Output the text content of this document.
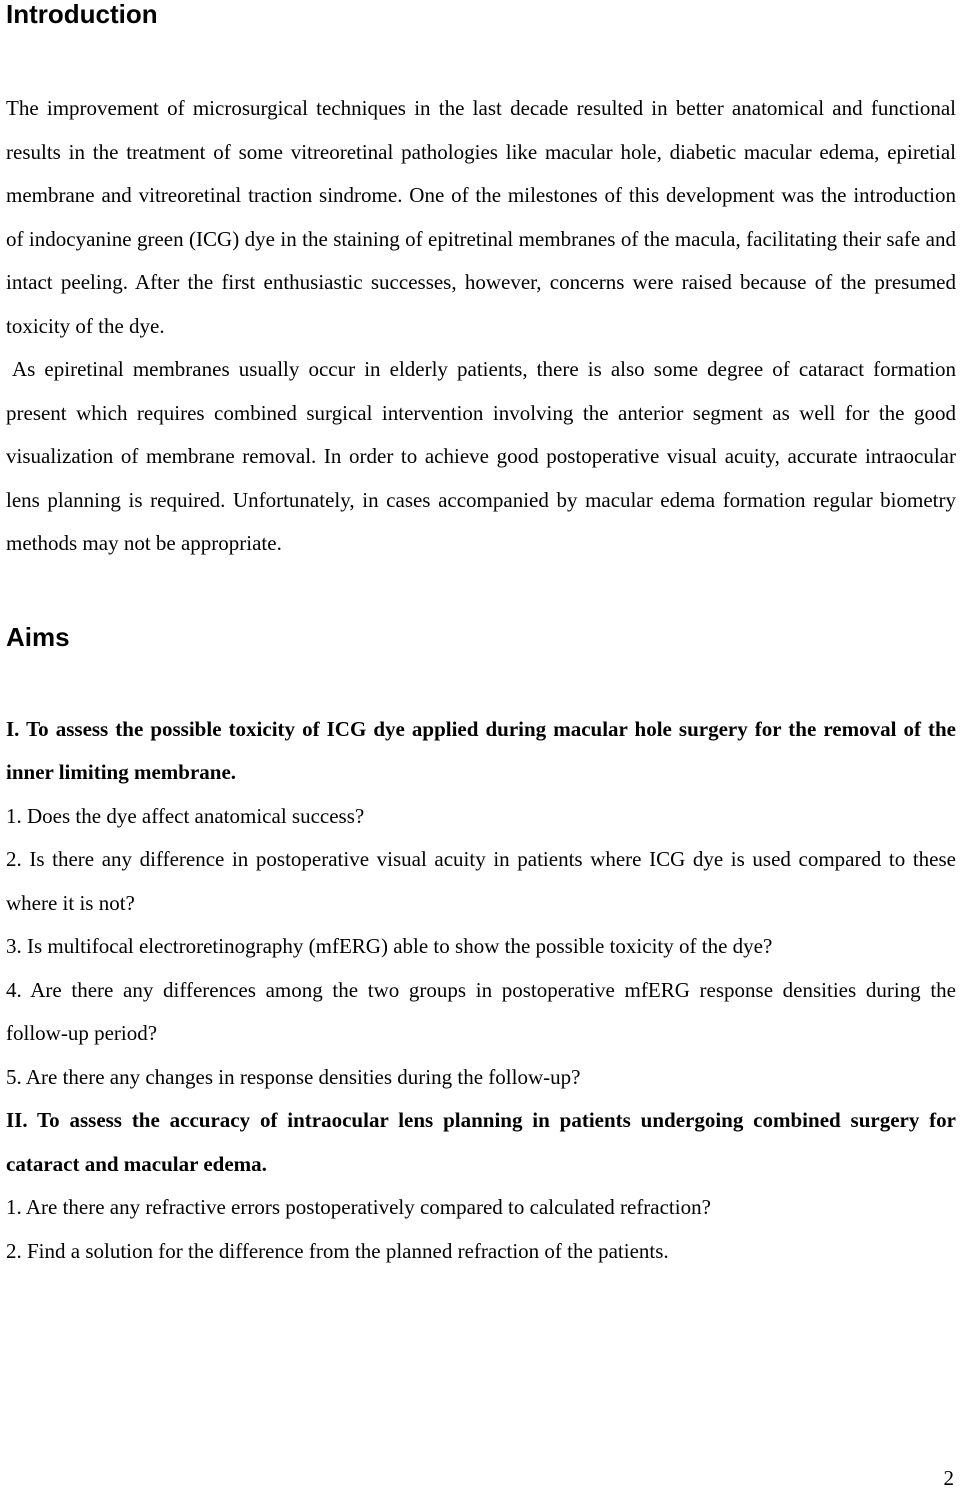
Introduction

The improvement of microsurgical techniques in the last decade resulted in better anatomical and functional results in the treatment of some vitreoretinal pathologies like macular hole, diabetic macular edema, epiretial membrane and vitreoretinal traction sindrome. One of the milestones of this development was the introduction of indocyanine green (ICG) dye in the staining of epitretinal membranes of the macula, facilitating their safe and intact peeling. After the first enthusiastic successes, however, concerns were raised because of the presumed toxicity of the dye.

As epiretinal membranes usually occur in elderly patients, there is also some degree of cataract formation present which requires combined surgical intervention involving the anterior segment as well for the good visualization of membrane removal. In order to achieve good postoperative visual acuity, accurate intraocular lens planning is required. Unfortunately, in cases accompanied by macular edema formation regular biometry methods may not be appropriate.

Aims

I. To assess the possible toxicity of ICG dye applied during macular hole surgery for the removal of the inner limiting membrane.

1. Does the dye affect anatomical success?

2. Is there any difference in postoperative visual acuity in patients where ICG dye is used compared to these where it is not?

3. Is multifocal electroretinography (mfERG) able to show the possible toxicity of the dye?

4. Are there any differences among the two groups in postoperative mfERG response densities during the follow-up period?

5. Are there any changes in response densities during the follow-up?

II. To assess the accuracy of intraocular lens planning in patients undergoing combined surgery for cataract and macular edema.

1. Are there any refractive errors postoperatively compared to calculated refraction?

2. Find a solution for the difference from the planned refraction of the patients.

2
